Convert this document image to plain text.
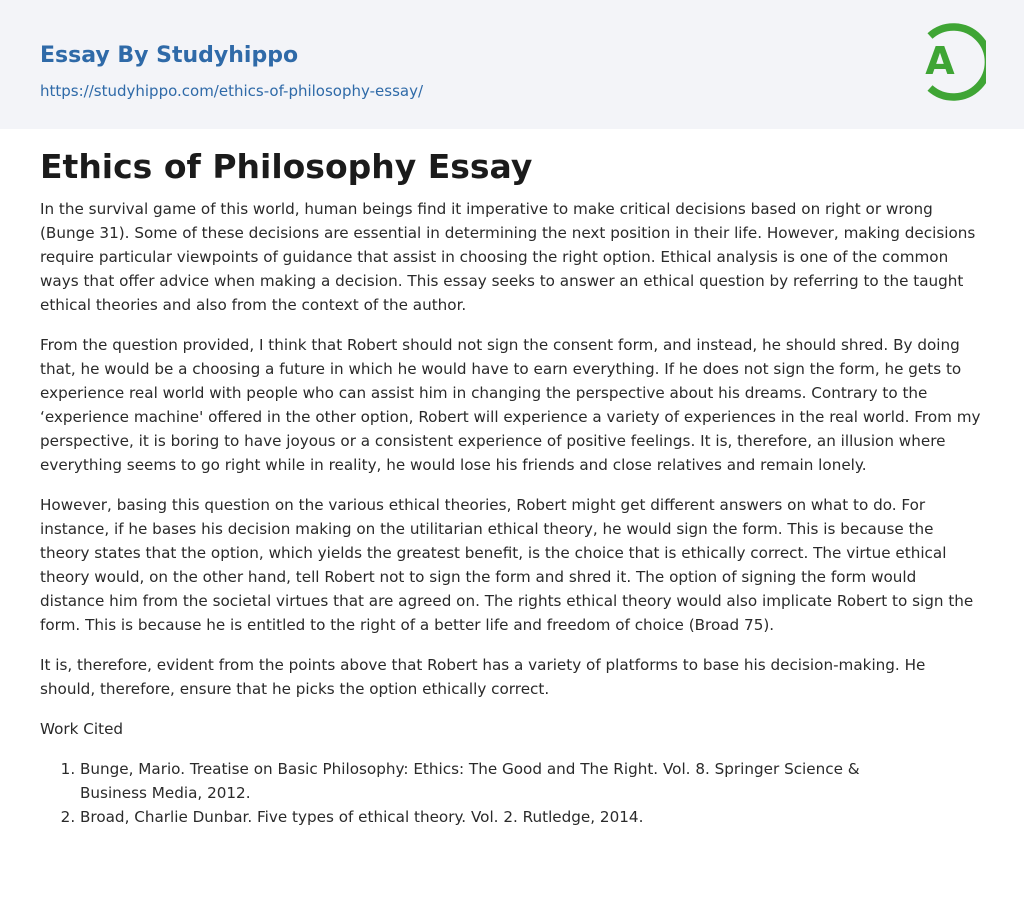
Essay By Studyhippo
https://studyhippo.com/ethics-of-philosophy-essay/
A
Ethics of Philosophy Essay

In the survival game of this world, human beings find it imperative to make critical decisions based on right or wrong (Bunge 31). Some of these decisions are essential in determining the next position in their life. However, making decisions require particular viewpoints of guidance that assist in choosing the right option. Ethical analysis is one of the common ways that offer advice when making a decision. This essay seeks to answer an ethical question by referring to the taught ethical theories and also from the context of the author.

From the question provided, I think that Robert should not sign the consent form, and instead, he should shred. By doing that, he would be a choosing a future in which he would have to earn everything. If he does not sign the form, he gets to experience real world with people who can assist him in changing the perspective about his dreams. Contrary to the ‘experience machine' offered in the other option, Robert will experience a variety of experiences in the real world. From my perspective, it is boring to have joyous or a consistent experience of positive feelings. It is, therefore, an illusion where everything seems to go right while in reality, he would lose his friends and close relatives and remain lonely.

However, basing this question on the various ethical theories, Robert might get different answers on what to do. For instance, if he bases his decision making on the utilitarian ethical theory, he would sign the form. This is because the theory states that the option, which yields the greatest benefit, is the choice that is ethically correct. The virtue ethical theory would, on the other hand, tell Robert not to sign the form and shred it. The option of signing the form would distance him from the societal virtues that are agreed on. The rights ethical theory would also implicate Robert to sign the form. This is because he is entitled to the right of a better life and freedom of choice (Broad 75).

It is, therefore, evident from the points above that Robert has a variety of platforms to base his decision-making. He should, therefore, ensure that he picks the option ethically correct.

Work Cited

1. Bunge, Mario. Treatise on Basic Philosophy: Ethics: The Good and The Right. Vol. 8. Springer Science & Business Media, 2012.
2. Broad, Charlie Dunbar. Five types of ethical theory. Vol. 2. Rutledge, 2014.
